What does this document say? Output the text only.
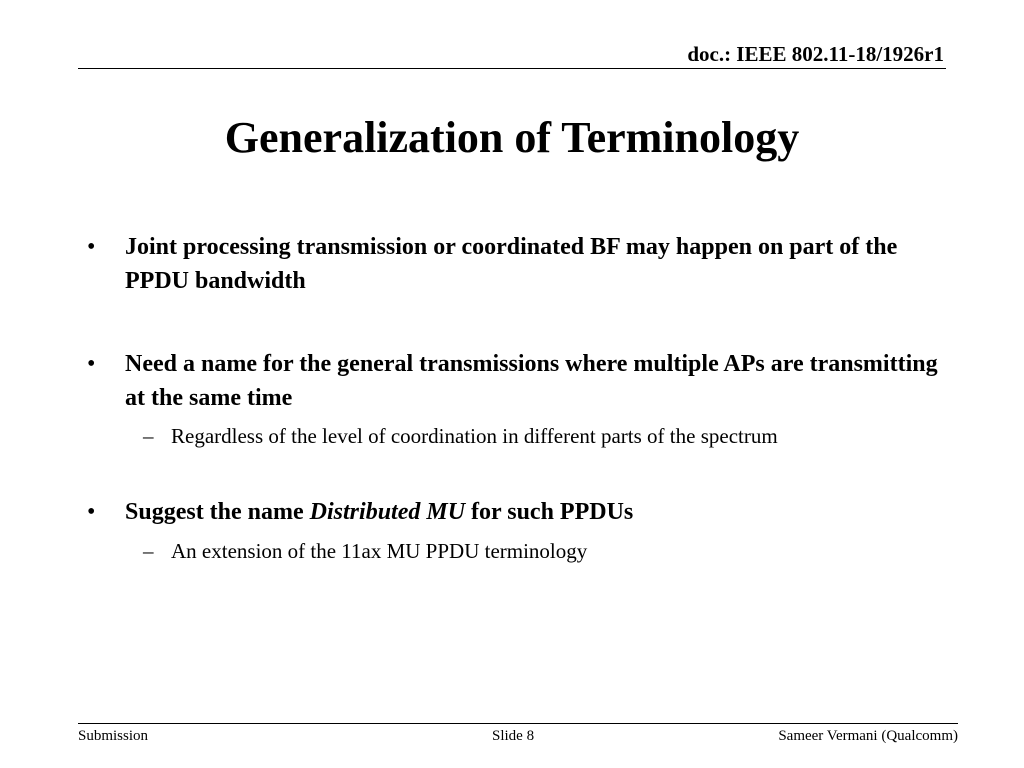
doc.: IEEE 802.11-18/1926r1
Generalization of Terminology
• Joint processing transmission or coordinated BF may happen on part of the PPDU bandwidth
• Need a name for the general transmissions where multiple APs are transmitting at the same time
– Regardless of the level of coordination in different parts of the spectrum
• Suggest the name Distributed MU for such PPDUs
– An extension of the 11ax MU PPDU terminology
Submission	Slide 8	Sameer Vermani (Qualcomm)
